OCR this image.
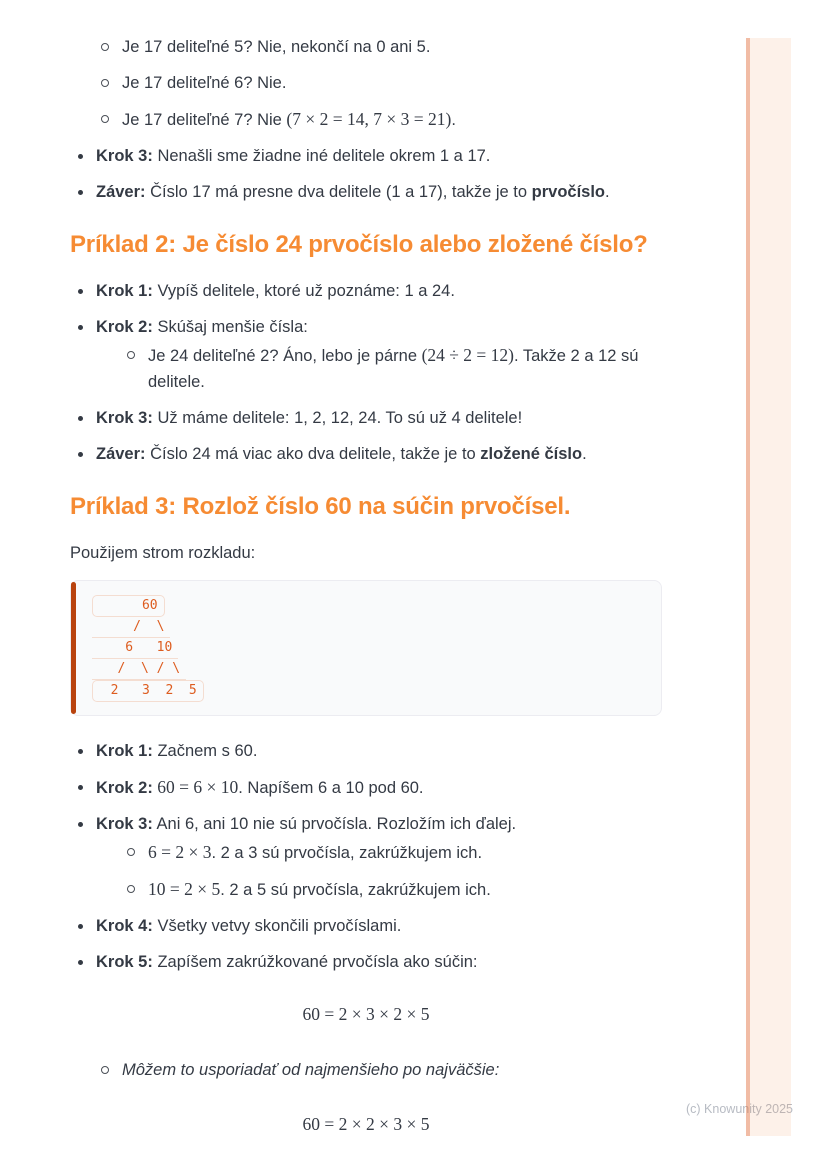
Je 17 deliteľné 5? Nie, nekončí na 0 ani 5.
Je 17 deliteľné 6? Nie.
Je 17 deliteľné 7? Nie (7 × 2 = 14, 7 × 3 = 21).
Krok 3: Nenašli sme žiadne iné delitele okrem 1 a 17.
Záver: Číslo 17 má presne dva delitele (1 a 17), takže je to prvočíslo.
Príklad 2: Je číslo 24 prvočíslo alebo zložené číslo?
Krok 1: Vypíš delitele, ktoré už poznáme: 1 a 24.
Krok 2: Skúšaj menšie čísla:
Je 24 deliteľné 2? Áno, lebo je párne (24 ÷ 2 = 12). Takže 2 a 12 sú delitele.
Krok 3: Už máme delitele: 1, 2, 12, 24. To sú už 4 delitele!
Záver: Číslo 24 má viac ako dva delitele, takže je to zložené číslo.
Príklad 3: Rozlož číslo 60 na súčin prvočísel.

Použijem strom rozkladu:

60
/  \
6   10
/  \ / \
2   3  2  5
Krok 1: Začnem s 60.
Krok 2: 60 = 6 × 10. Napíšem 6 a 10 pod 60.
Krok 3: Ani 6, ani 10 nie sú prvočísla. Rozložím ich ďalej.
6 = 2 × 3. 2 a 3 sú prvočísla, zakrúžkujem ich.
10 = 2 × 5. 2 a 5 sú prvočísla, zakrúžkujem ich.
Krok 4: Všetky vetvy skončili prvočíslami.
Krok 5: Zapíšem zakrúžkované prvočísla ako súčin:
60 = 2 × 3 × 2 × 5
Môžem to usporiadať od najmenšieho po najväčšie:
60 = 2 × 2 × 3 × 5
(c) Knowunity 2025
